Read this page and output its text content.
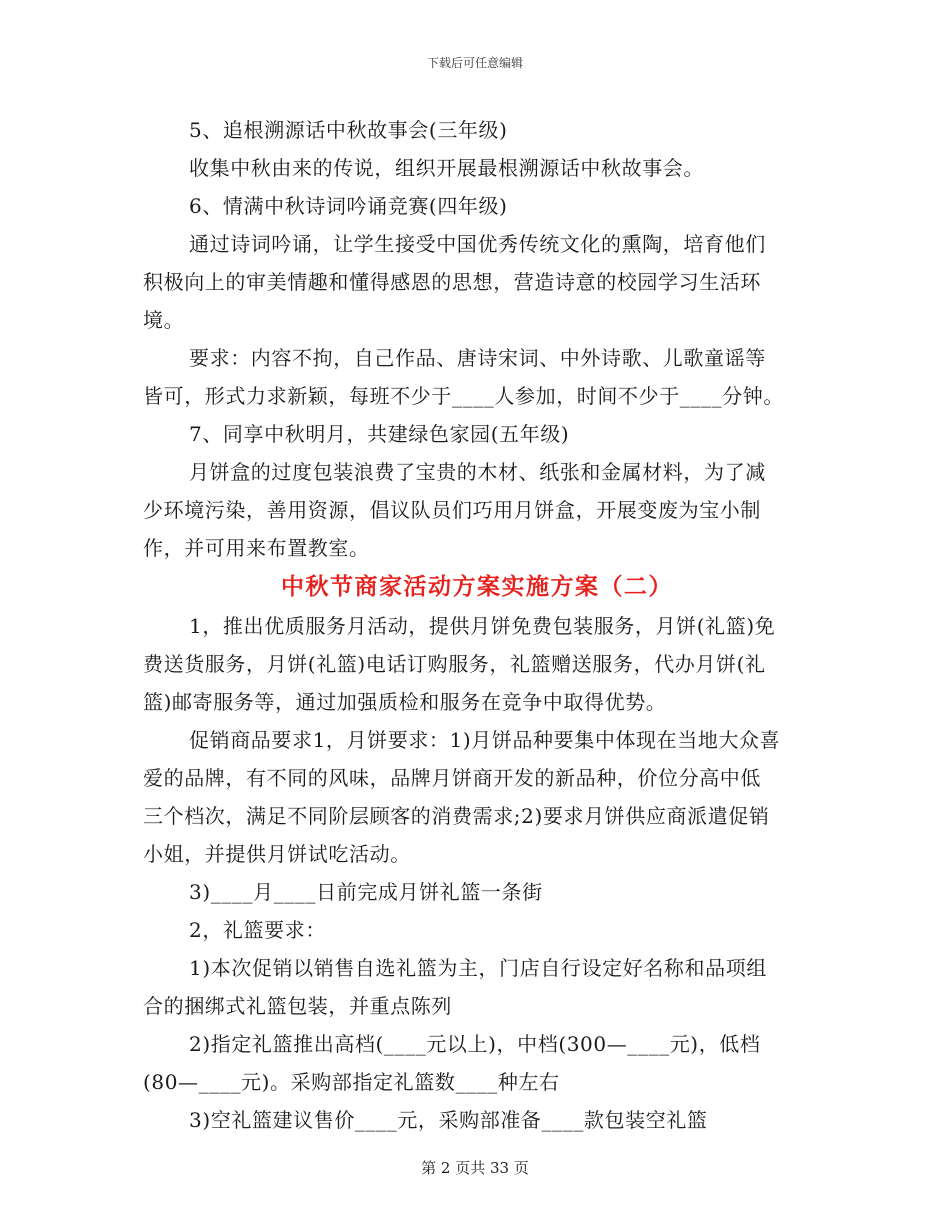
下载后可任意编辑
5、追根溯源话中秋故事会(三年级)
收集中秋由来的传说，组织开展最根溯源话中秋故事会。
6、情满中秋诗词吟诵竞赛(四年级)
通过诗词吟诵，让学生接受中国优秀传统文化的熏陶，培育他们
积极向上的审美情趣和懂得感恩的思想，营造诗意的校园学习生活环
境。
要求：内容不拘，自己作品、唐诗宋词、中外诗歌、儿歌童谣等
皆可，形式力求新颖，每班不少于____人参加，时间不少于____分钟。
7、同享中秋明月，共建绿色家园(五年级)
月饼盒的过度包装浪费了宝贵的木材、纸张和金属材料，为了减
少环境污染，善用资源，倡议队员们巧用月饼盒，开展变废为宝小制
作，并可用来布置教室。
中秋节商家活动方案实施方案（二）
1，推出优质服务月活动，提供月饼免费包装服务，月饼(礼篮)免
费送货服务，月饼(礼篮)电话订购服务，礼篮赠送服务，代办月饼(礼
篮)邮寄服务等，通过加强质检和服务在竞争中取得优势。
促销商品要求1，月饼要求：1)月饼品种要集中体现在当地大众喜
爱的品牌，有不同的风味，品牌月饼商开发的新品种，价位分高中低
三个档次，满足不同阶层顾客的消费需求;2)要求月饼供应商派遣促销
小姐，并提供月饼试吃活动。
3)____月____日前完成月饼礼篮一条街
2，礼篮要求：
1)本次促销以销售自选礼篮为主，门店自行设定好名称和品项组
合的捆绑式礼篮包装，并重点陈列
2)指定礼篮推出高档(____元以上)，中档(300—____元)，低档
(80—____元)。采购部指定礼篮数____种左右
3)空礼篮建议售价____元，采购部准备____款包装空礼篮
第 2 页共 33 页
